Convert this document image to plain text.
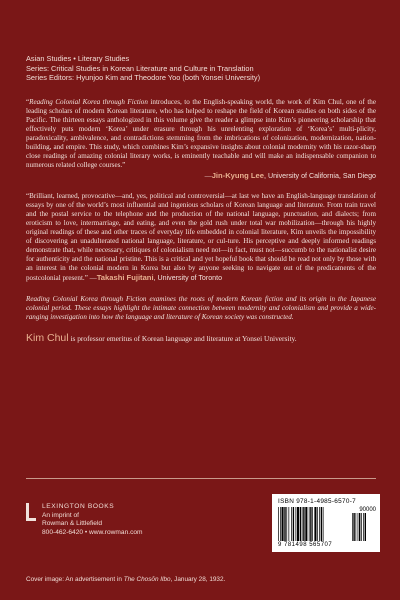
Asian Studies • Literary Studies
Series: Critical Studies in Korean Literature and Culture in Translation
Series Editors: Hyunjoo Kim and Theodore Yoo (both Yonsei University)

“Reading Colonial Korea through Fiction introduces, to the English-speaking world, the work of Kim Chul, one of the leading scholars of modern Korean literature, who has helped to reshape the field of Korean studies on both sides of the Pacific. The thirteen essays anthologized in this volume give the reader a glimpse into Kim’s pioneering scholarship that effectively puts modern ‘Korea’ under erasure through his unrelenting exploration of ‘Korea’s’ multi-plicity, paradoxicality, ambivalence, and contradictions stemming from the imbrications of colonization, modernization, nation-building, and empire. This study, which combines Kim’s expansive insights about colonial modernity with his razor-sharp close readings of amazing colonial literary works, is eminently teachable and will make an indispensable companion to numerous related college courses.”

—Jin-Kyung Lee, University of California, San Diego

“Brilliant, learned, provocative—and, yes, political and controversial—at last we have an English-language translation of essays by one of the world’s most influential and ingenious scholars of Korean language and literature. From train travel and the postal service to the telephone and the production of the national language, punctuation, and dialects; from eroticism to love, intermarriage, and eating, and even the gold rush under total war mobilization—through his highly original readings of these and other traces of everyday life embedded in colonial literature, Kim unveils the impossibility of discovering an unadulterated national language, literature, or cul-ture. His perceptive and deeply informed readings demonstrate that, while necessary, critiques of colonialism need not—in fact, must not—succumb to the nationalist desire for authenticity and the national pristine. This is a critical and yet hopeful book that should be read not only by those with an interest in the colonial modern in Korea but also by anyone seeking to navigate out of the predicaments of the postcolonial present.” —Takashi Fujitani, University of Toronto

Reading Colonial Korea through Fiction examines the roots of modern Korean fiction and its origin in the Japanese colonial period. These essays highlight the intimate connection between modernity and colonialism and provide a wide-ranging investigation into how the language and literature of Korean society was constructed.

Kim Chul is professor emeritus of Korean language and literature at Yonsei University.

LEXINGTON BOOKS
An imprint of
Rowman & Littlefield
800-462-6420 • www.rowman.com
ISBN 978-1-4985-6570-7
90000
9 781498 565707
Cover image: An advertisement in The Chosŏn Ilbo, January 28, 1932.
